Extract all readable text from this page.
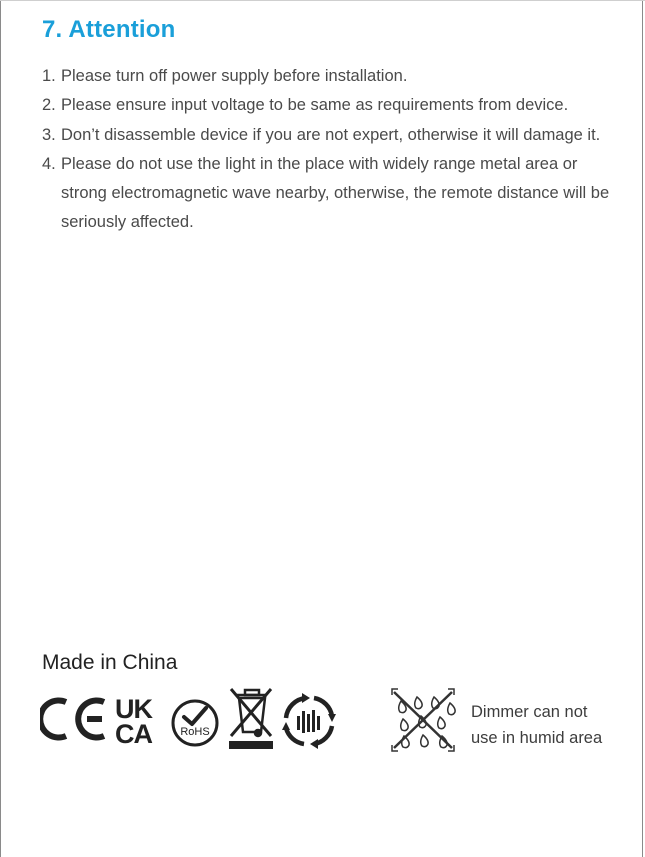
7. Attention
1. Please turn off power supply before installation.
2. Please ensure input voltage to be same as requirements from device.
3. Don’t disassemble device if you are not expert, otherwise it will damage it.
4. Please do not use the light in the place with widely range metal area or strong electromagnetic wave nearby, otherwise, the remote distance will be seriously affected.
Made in China
UK
CA	RoHS
Dimmer can not
use in humid area
